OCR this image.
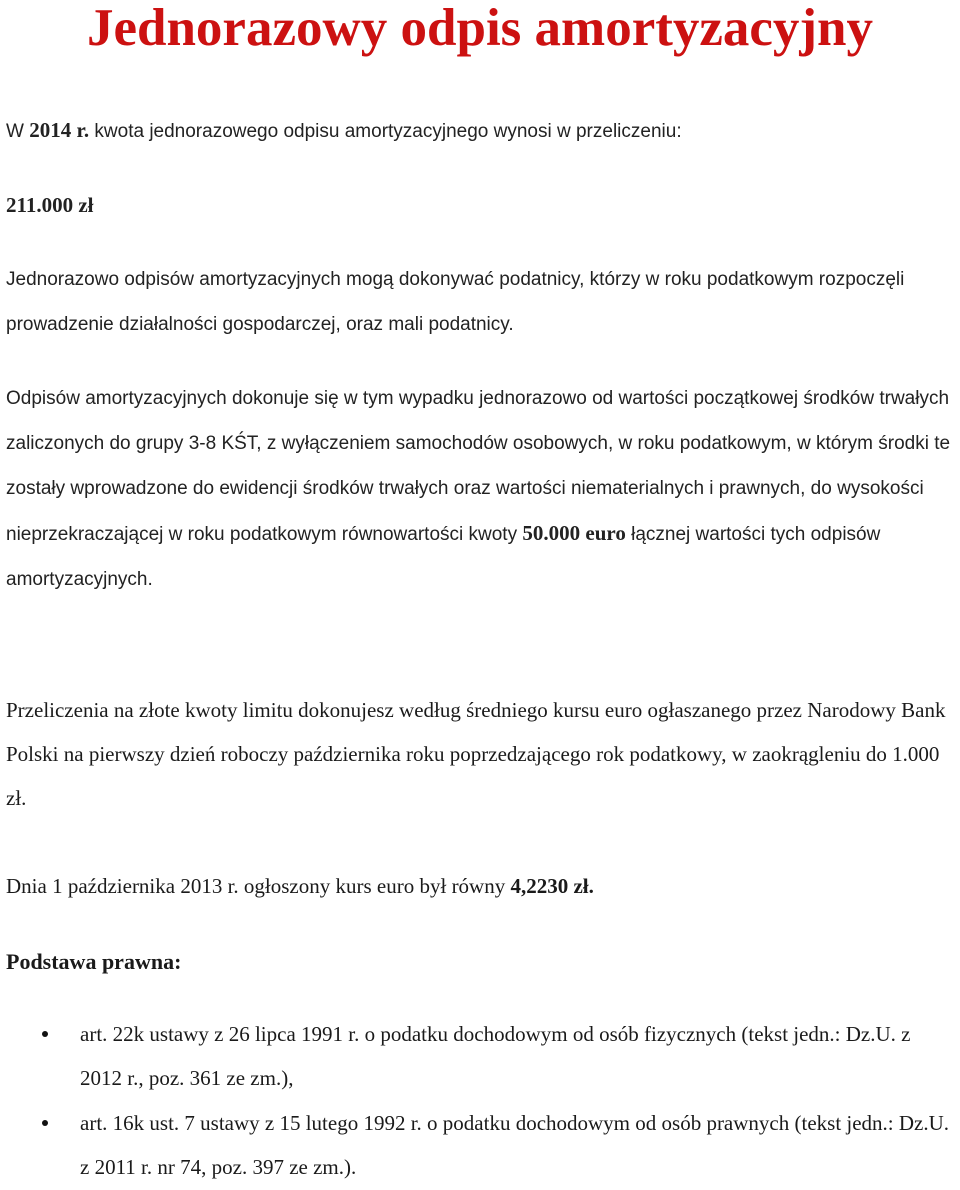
Jednorazowy odpis amortyzacyjny

W 2014 r. kwota jednorazowego odpisu amortyzacyjnego wynosi w przeliczeniu:

211.000 zł

Jednorazowo odpisów amortyzacyjnych mogą dokonywać podatnicy, którzy w roku podatkowym rozpoczęli prowadzenie działalności gospodarczej, oraz mali podatnicy.

Odpisów amortyzacyjnych dokonuje się w tym wypadku jednorazowo od wartości początkowej środków trwałych zaliczonych do grupy 3-8 KŚT, z wyłączeniem samochodów osobowych, w roku podatkowym, w którym środki te zostały wprowadzone do ewidencji środków trwałych oraz wartości niematerialnych i prawnych, do wysokości nieprzekraczającej w roku podatkowym równowartości kwoty 50.000 euro łącznej wartości tych odpisów amortyzacyjnych.

Przeliczenia na złote kwoty limitu dokonujesz według średniego kursu euro ogłaszanego przez Narodowy Bank Polski na pierwszy dzień roboczy października roku poprzedzającego rok podatkowy, w zaokrągleniu do 1.000 zł.

Dnia 1 października 2013 r. ogłoszony kurs euro był równy 4,2230 zł.

Podstawa prawna:
art. 22k ustawy z 26 lipca 1991 r. o podatku dochodowym od osób fizycznych (tekst jedn.: Dz.U. z 2012 r., poz. 361 ze zm.),
art. 16k ust. 7 ustawy z 15 lutego 1992 r. o podatku dochodowym od osób prawnych (tekst jedn.: Dz.U. z 2011 r. nr 74, poz. 397 ze zm.).
